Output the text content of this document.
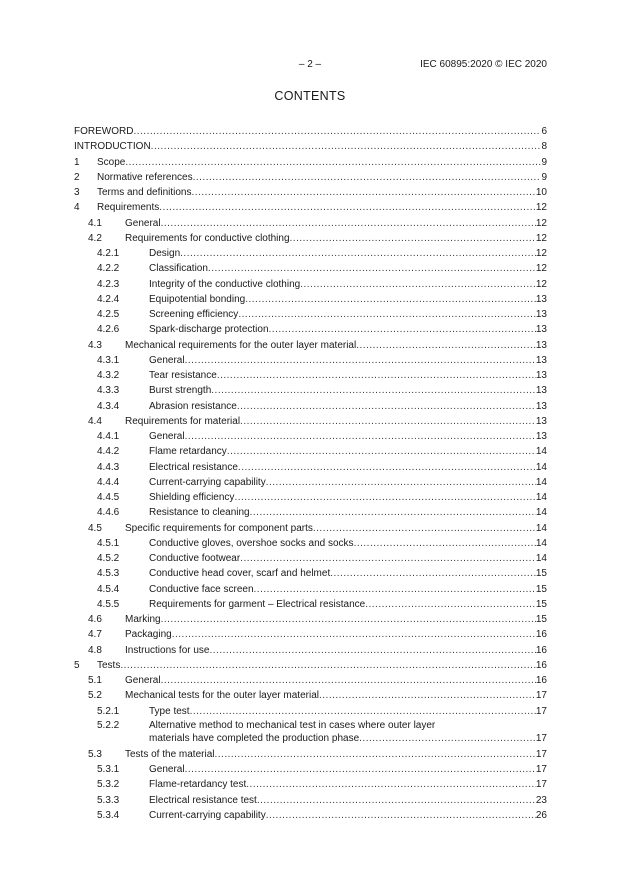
– 2 –	IEC 60895:2020 © IEC 2020
CONTENTS
FOREWORD .....	6
INTRODUCTION .....	8
1	Scope .....	9
2	Normative references .....	9
3	Terms and definitions .....	10
4	Requirements .....	12
4.1	General .....	12
4.2	Requirements for conductive clothing .....	12
4.2.1	Design .....	12
4.2.2	Classification .....	12
4.2.3	Integrity of the conductive clothing .....	12
4.2.4	Equipotential bonding .....	13
4.2.5	Screening efficiency .....	13
4.2.6	Spark-discharge protection .....	13
4.3	Mechanical requirements for the outer layer material .....	13
4.3.1	General .....	13
4.3.2	Tear resistance .....	13
4.3.3	Burst strength .....	13
4.3.4	Abrasion resistance .....	13
4.4	Requirements for material .....	13
4.4.1	General .....	13
4.4.2	Flame retardancy .....	14
4.4.3	Electrical resistance .....	14
4.4.4	Current-carrying capability .....	14
4.4.5	Shielding efficiency .....	14
4.4.6	Resistance to cleaning .....	14
4.5	Specific requirements for component parts .....	14
4.5.1	Conductive gloves, overshoe socks and socks .....	14
4.5.2	Conductive footwear .....	14
4.5.3	Conductive head cover, scarf and helmet .....	15
4.5.4	Conductive face screen .....	15
4.5.5	Requirements for garment – Electrical resistance .....	15
4.6	Marking .....	15
4.7	Packaging .....	16
4.8	Instructions for use .....	16
5	Tests .....	16
5.1	General .....	16
5.2	Mechanical tests for the outer layer material .....	17
5.2.1	Type test .....	17
5.2.2	Alternative method to mechanical test in cases where outer layer
materials have completed the production phase .....	17
5.3	Tests of the material .....	17
5.3.1	General .....	17
5.3.2	Flame-retardancy test .....	17
5.3.3	Electrical resistance test .....	23
5.3.4	Current-carrying capability .....	26
